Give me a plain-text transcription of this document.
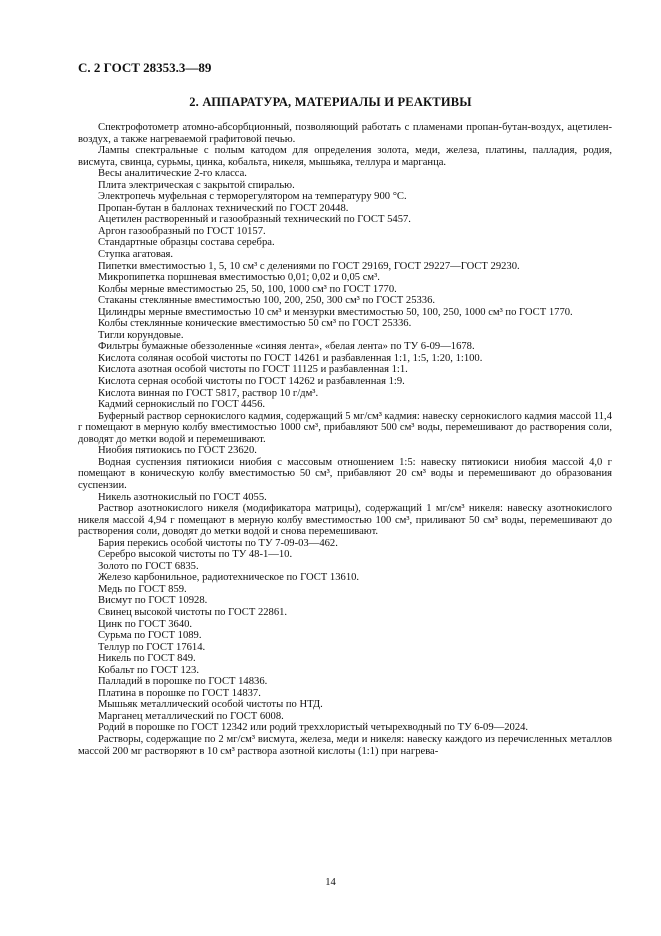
С. 2 ГОСТ 28353.3—89
2. АППАРАТУРА, МАТЕРИАЛЫ И РЕАКТИВЫ

Спектрофотометр атомно-абсорбционный, позволяющий работать с пламенами пропан-бутан-воздух, ацетилен-воздух, а также нагреваемой графитовой печью.

Лампы спектральные с полым катодом для определения золота, меди, железа, платины, палладия, родия, висмута, свинца, сурьмы, цинка, кобальта, никеля, мышьяка, теллура и марганца.

Весы аналитические 2-го класса.

Плита электрическая с закрытой спиралью.

Электропечь муфельная с терморегулятором на температуру 900 °С.

Пропан-бутан в баллонах технический по ГОСТ 20448.

Ацетилен растворенный и газообразный технический по ГОСТ 5457.

Аргон газообразный по ГОСТ 10157.

Стандартные образцы состава серебра.

Ступка агатовая.

Пипетки вместимостью 1, 5, 10 см³ с делениями по ГОСТ 29169, ГОСТ 29227—ГОСТ 29230.

Микропипетка поршневая вместимостью 0,01; 0,02 и 0,05 см³.

Колбы мерные вместимостью 25, 50, 100, 1000 см³ по ГОСТ 1770.

Стаканы стеклянные вместимостью 100, 200, 250, 300 см³ по ГОСТ 25336.

Цилиндры мерные вместимостью 10 см³ и мензурки вместимостью 50, 100, 250, 1000 см³ по ГОСТ 1770.

Колбы стеклянные конические вместимостью 50 см³ по ГОСТ 25336.

Тигли корундовые.

Фильтры бумажные обеззоленные «синяя лента», «белая лента» по ТУ 6-09—1678.

Кислота соляная особой чистоты по ГОСТ 14261 и разбавленная 1:1, 1:5, 1:20, 1:100.

Кислота азотная особой чистоты по ГОСТ 11125 и разбавленная 1:1.

Кислота серная особой чистоты по ГОСТ 14262 и разбавленная 1:9.

Кислота винная по ГОСТ 5817, раствор 10 г/дм³.

Кадмий сернокислый по ГОСТ 4456.

Буферный раствор сернокислого кадмия, содержащий 5 мг/см³ кадмия: навеску сернокислого кадмия массой 11,4 г помещают в мерную колбу вместимостью 1000 см³, прибавляют 500 см³ воды, перемешивают до растворения соли, доводят до метки водой и перемешивают.

Ниобия пятиокись по ГОСТ 23620.

Водная суспензия пятиокиси ниобия с массовым отношением 1:5: навеску пятиокиси ниобия массой 4,0 г помещают в коническую колбу вместимостью 50 см³, прибавляют 20 см³ воды и перемешивают до образования суспензии.

Никель азотнокислый по ГОСТ 4055.

Раствор азотнокислого никеля (модификатора матрицы), содержащий 1 мг/см³ никеля: навеску азотнокислого никеля массой 4,94 г помещают в мерную колбу вместимостью 100 см³, приливают 50 см³ воды, перемешивают до растворения соли, доводят до метки водой и снова перемешивают.

Бария перекись особой чистоты по ТУ 7-09-03—462.

Серебро высокой чистоты по ТУ 48-1—10.

Золото по ГОСТ 6835.

Железо карбонильное, радиотехническое по ГОСТ 13610.

Медь по ГОСТ 859.

Висмут по ГОСТ 10928.

Свинец высокой чистоты по ГОСТ 22861.

Цинк по ГОСТ 3640.

Сурьма по ГОСТ 1089.

Теллур по ГОСТ 17614.

Никель по ГОСТ 849.

Кобальт по ГОСТ 123.

Палладий в порошке по ГОСТ 14836.

Платина в порошке по ГОСТ 14837.

Мышьяк металлический особой чистоты по НТД.

Марганец металлический по ГОСТ 6008.

Родий в порошке по ГОСТ 12342 или родий треххлористый четырехводный по ТУ 6-09—2024.

Растворы, содержащие по 2 мг/см³ висмута, железа, меди и никеля: навеску каждого из перечисленных металлов массой 200 мг растворяют в 10 см³ раствора азотной кислоты (1:1) при нагрева-

14
